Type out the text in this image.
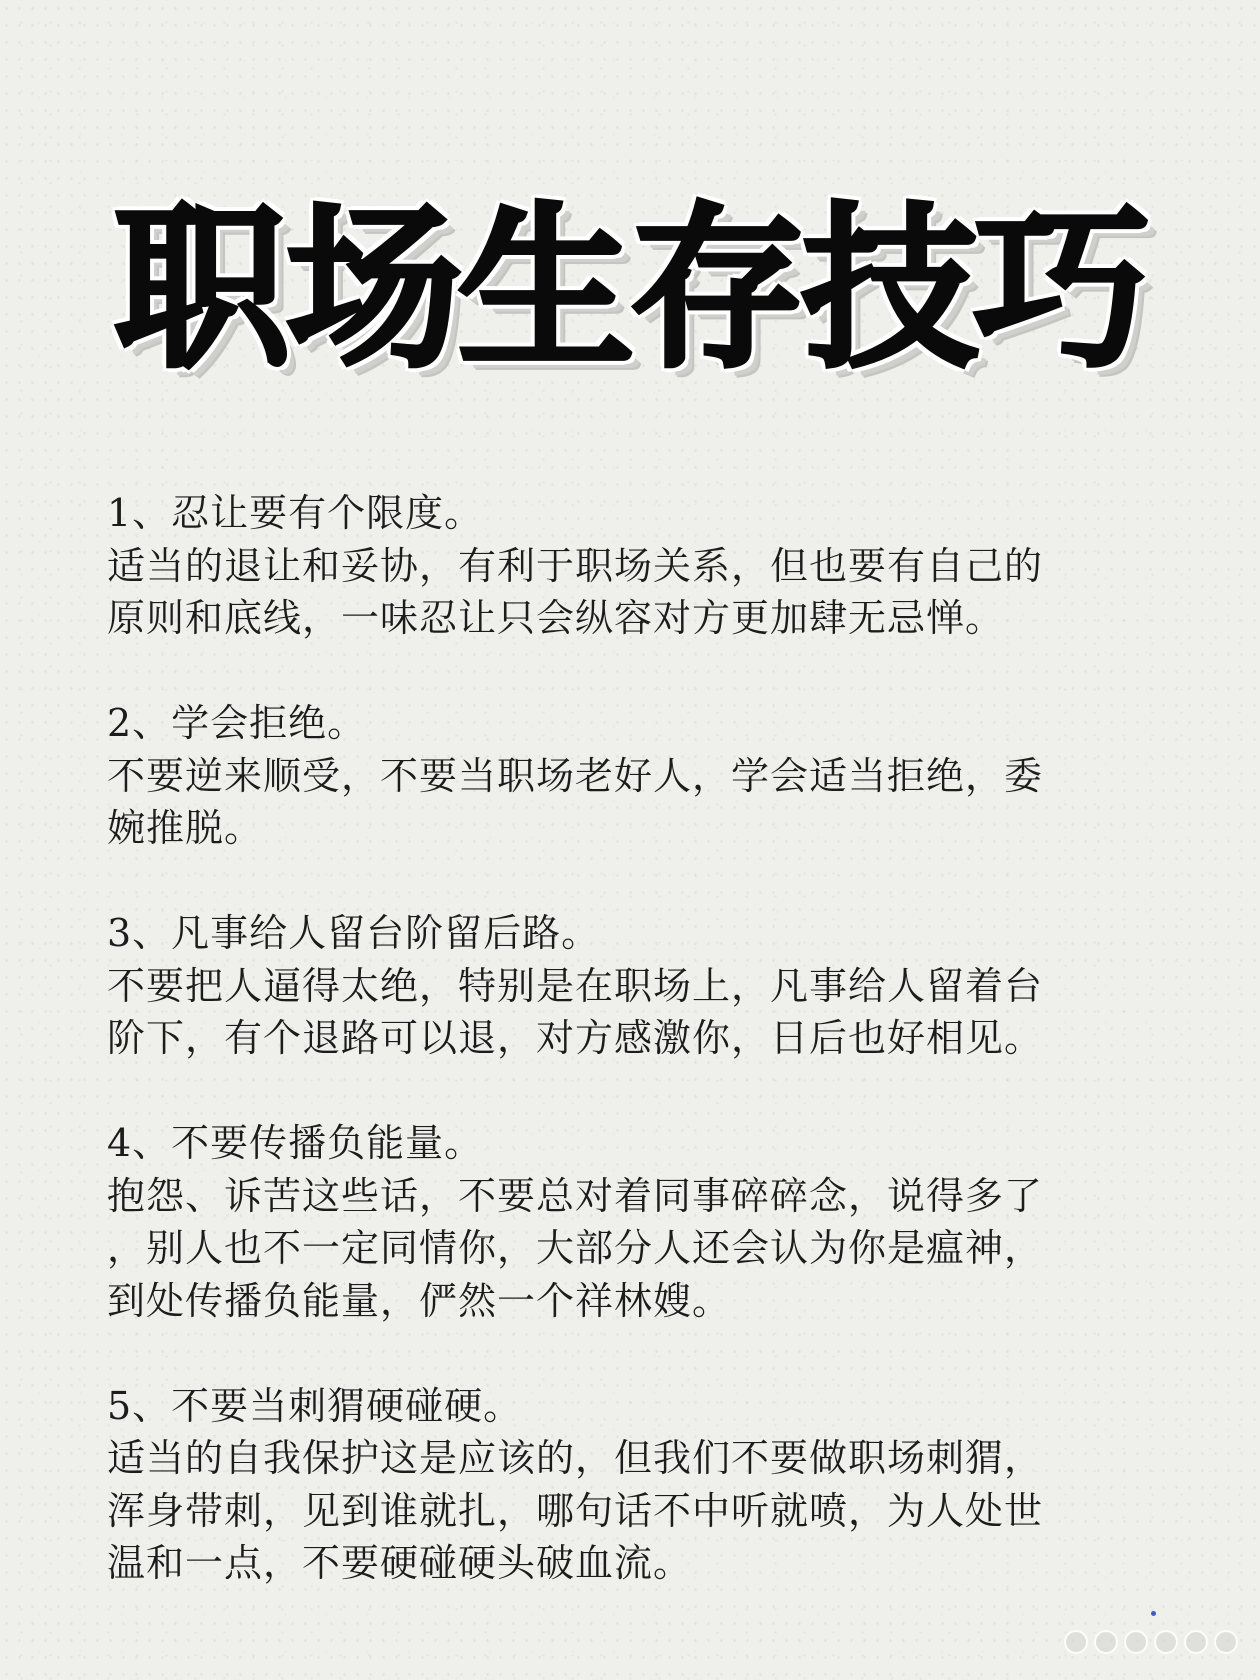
职场生存技巧
1、忍让要有个限度。
适当的退让和妥协，有利于职场关系，但也要有自己的
原则和底线，一味忍让只会纵容对方更加肆无忌惮。
2、学会拒绝。
不要逆来顺受，不要当职场老好人，学会适当拒绝，委
婉推脱。
3、凡事给人留台阶留后路。
不要把人逼得太绝，特别是在职场上，凡事给人留着台
阶下，有个退路可以退，对方感激你，日后也好相见。
4、不要传播负能量。
抱怨、诉苦这些话，不要总对着同事碎碎念，说得多了
，别人也不一定同情你，大部分人还会认为你是瘟神，
到处传播负能量，俨然一个祥林嫂。
5、不要当刺猬硬碰硬。
适当的自我保护这是应该的，但我们不要做职场刺猬，
浑身带刺，见到谁就扎，哪句话不中听就喷，为人处世
温和一点，不要硬碰硬头破血流。
